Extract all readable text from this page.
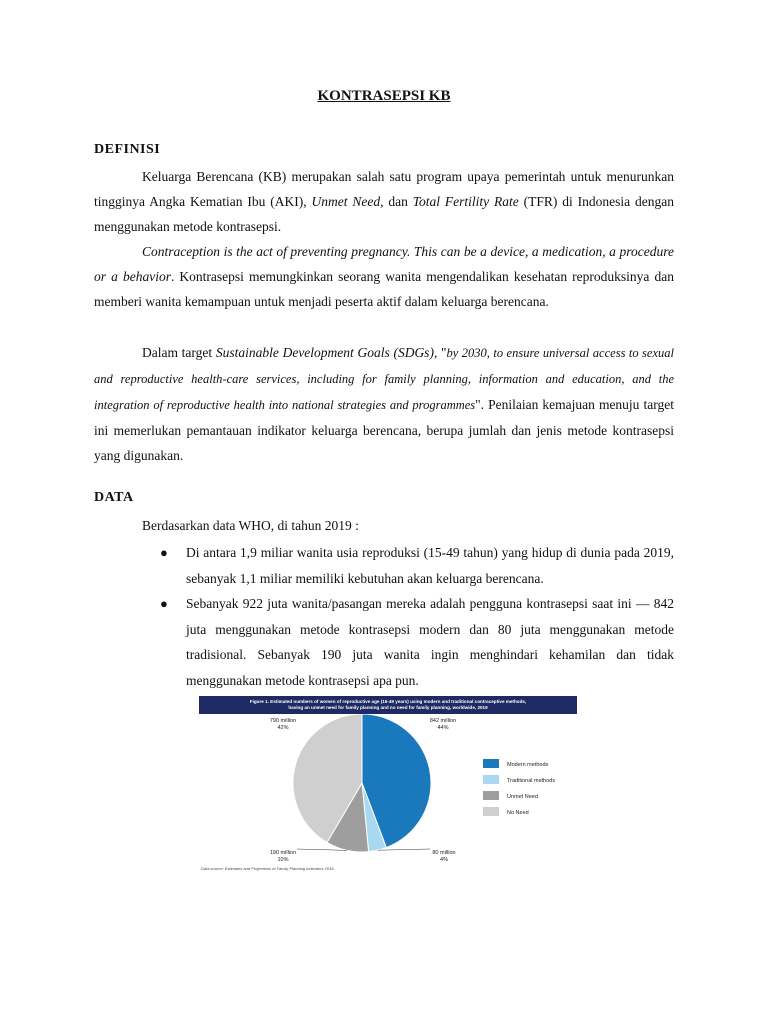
KONTRASEPSI KB
DEFINISI

Keluarga Berencana (KB) merupakan salah satu program upaya pemerintah untuk menurunkan tingginya Angka Kematian Ibu (AKI), Unmet Need, dan Total Fertility Rate (TFR) di Indonesia dengan menggunakan metode kontrasepsi.

Contraception is the act of preventing pregnancy. This can be a device, a medication, a procedure or a behavior. Kontrasepsi memungkinkan seorang wanita mengendalikan kesehatan reproduksinya dan memberi wanita kemampuan untuk menjadi peserta aktif dalam keluarga berencana.

Dalam target Sustainable Development Goals (SDGs), "by 2030, to ensure universal access to sexual and reproductive health-care services, including for family planning, information and education, and the integration of reproductive health into national strategies and programmes". Penilaian kemajuan menuju target ini memerlukan pemantauan indikator keluarga berencana, berupa jumlah dan jenis metode kontrasepsi yang digunakan.

DATA

Berdasarkan data WHO, di tahun 2019 :

● Di antara 1,9 miliar wanita usia reproduksi (15-49 tahun) yang hidup di dunia pada 2019, sebanyak 1,1 miliar memiliki kebutuhan akan keluarga berencana.
● Sebanyak 922 juta wanita/pasangan mereka adalah pengguna kontrasepsi saat ini — 842 juta menggunakan metode kontrasepsi modern dan 80 juta menggunakan metode tradisional. Sebanyak 190 juta wanita ingin menghindari kehamilan dan tidak menggunakan metode kontrasepsi apa pun.
Figure 1. Estimated numbers of women of reproductive age (15-49 years) using modern and traditional contraceptive methods,
having an unmet need for family planning and no need for family planning, worldwide, 2019
842 million
44%
80 million
4%
190 million
10%
790 million
42%
Modern methods
Traditional methods
Unmet Need
No Need
Data source: Estimates and Projections of Family Planning Indicators 2019.
